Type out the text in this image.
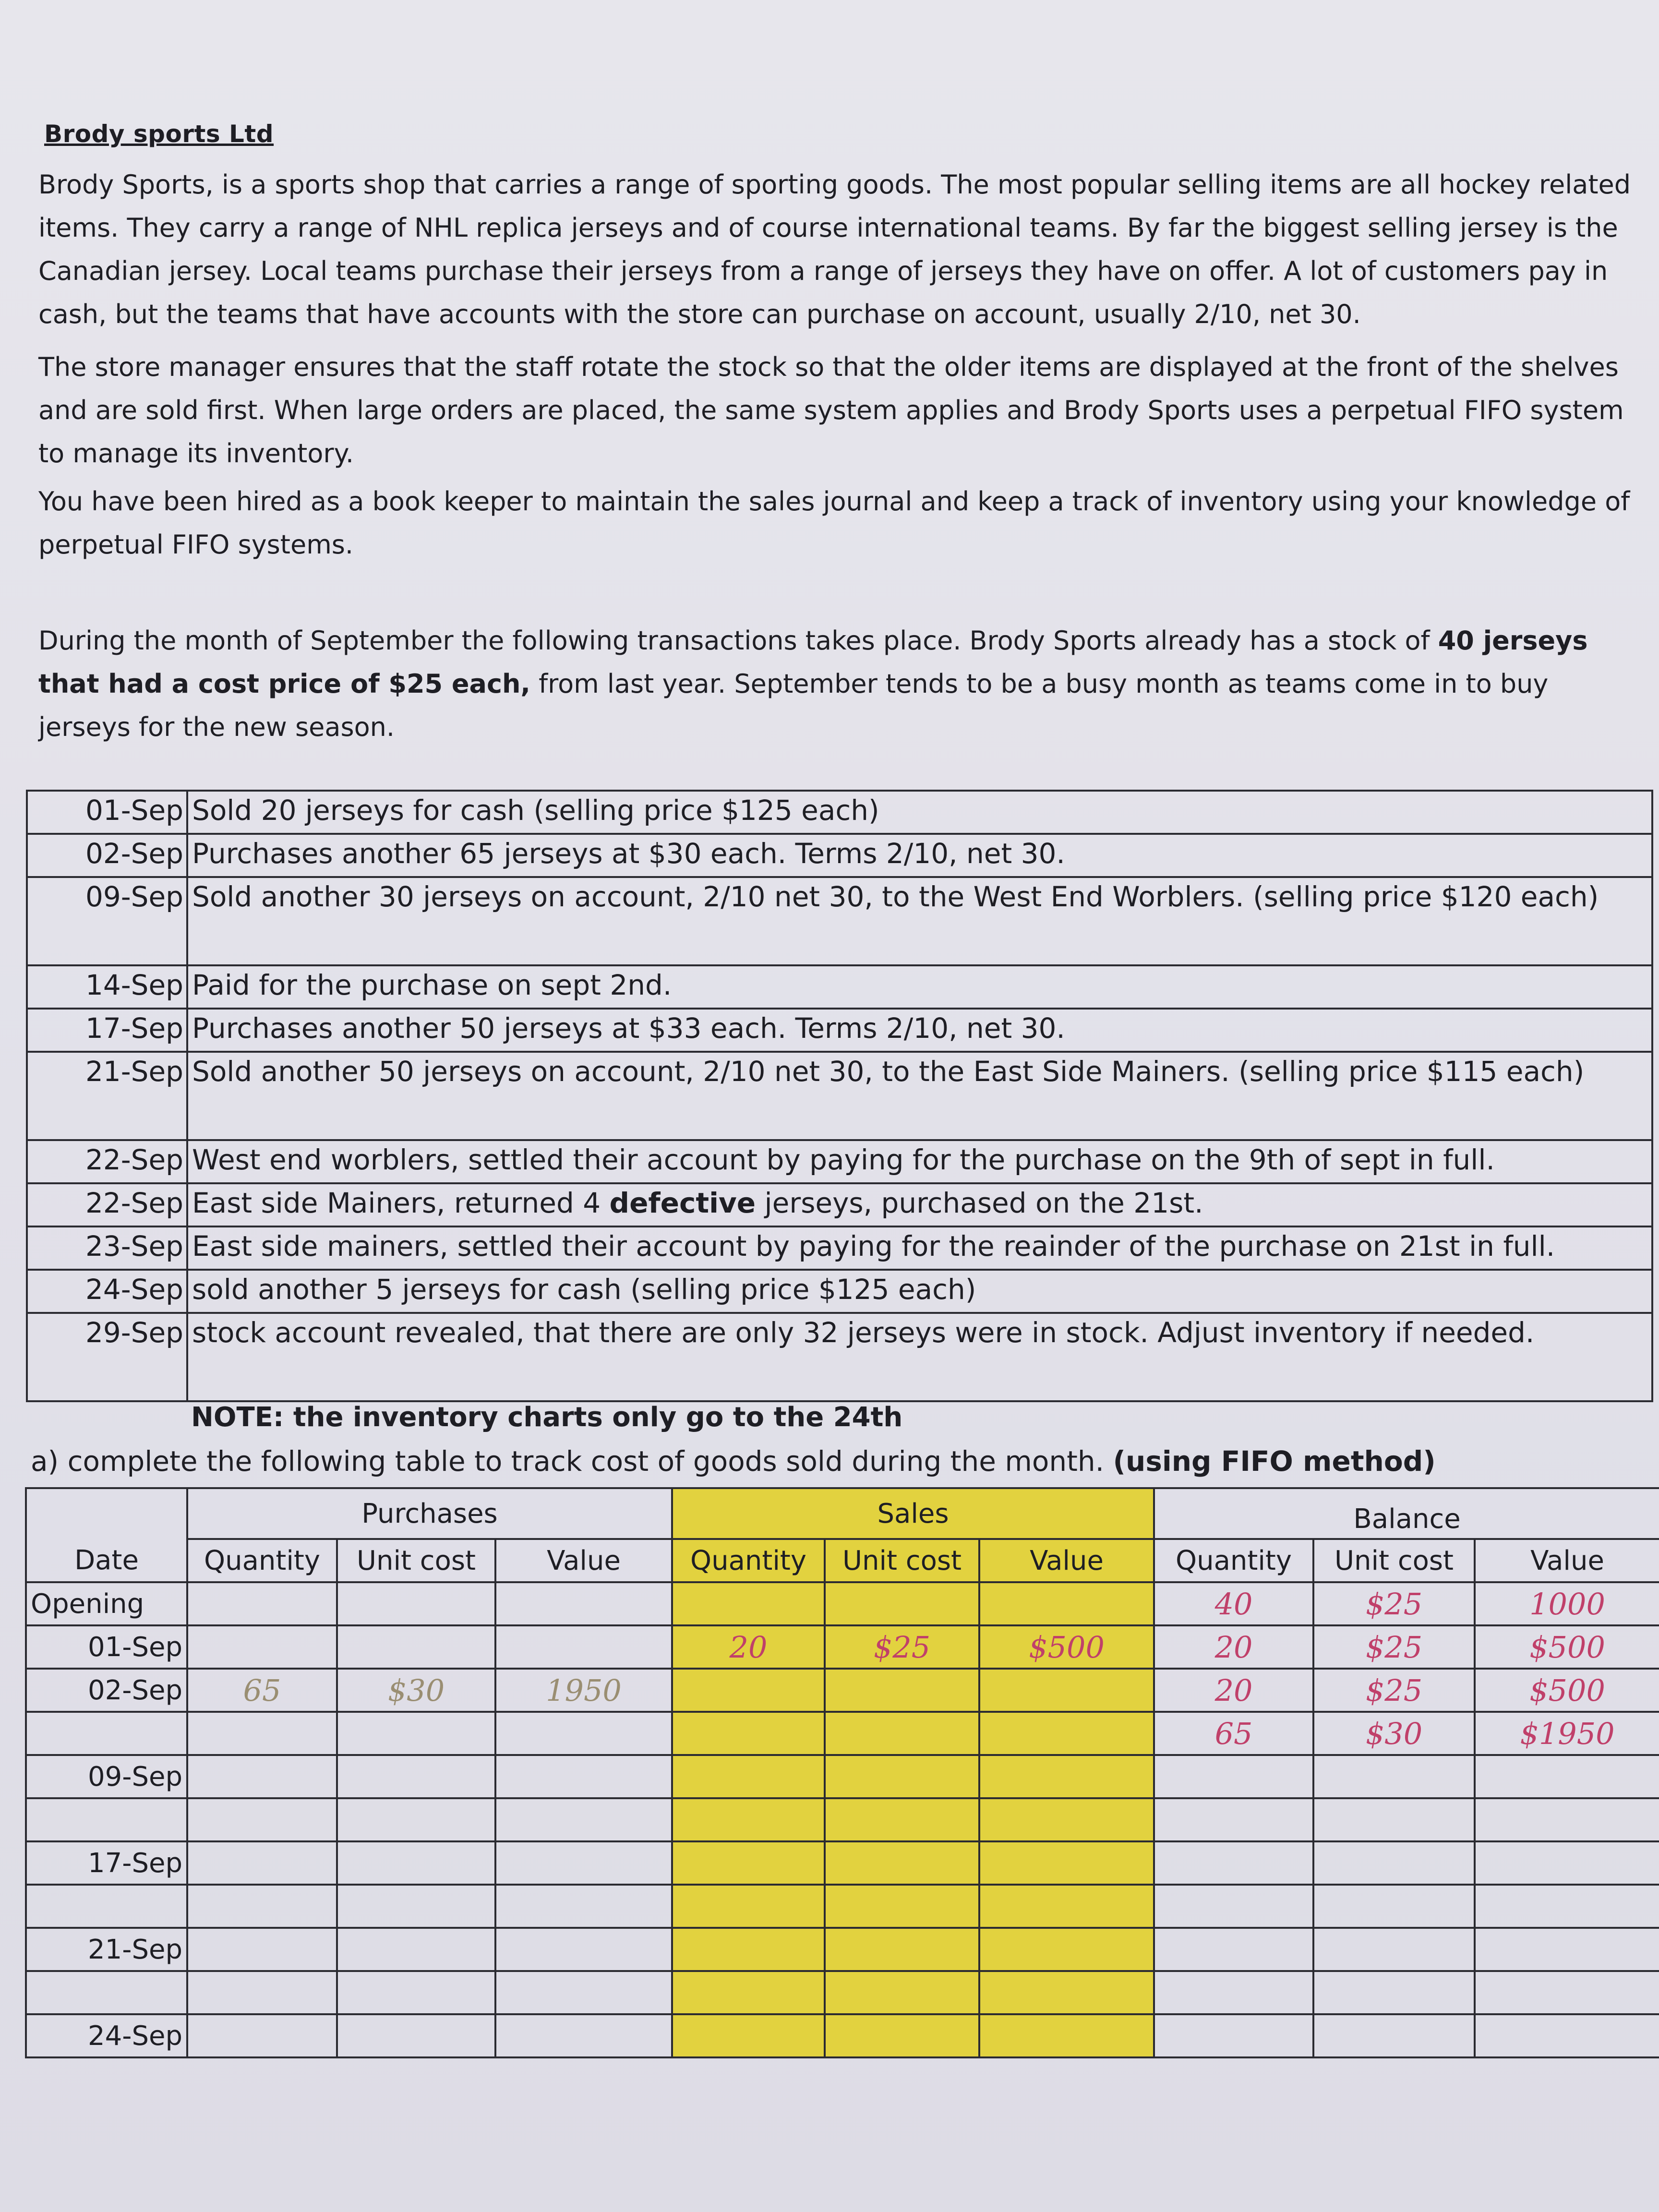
Brody sports Ltd

Brody Sports, is a sports shop that carries a range of sporting goods. The most popular selling items are all hockey related items. They carry a range of NHL replica jerseys and of course international teams. By far the biggest selling jersey is the Canadian jersey. Local teams purchase their jerseys from a range of jerseys they have on offer. A lot of customers pay in cash, but the teams that have accounts with the store can purchase on account, usually 2/10, net 30.

The store manager ensures that the staff rotate the stock so that the older items are displayed at the front of the shelves and are sold first. When large orders are placed, the same system applies and Brody Sports uses a perpetual FIFO system to manage its inventory.

You have been hired as a book keeper to maintain the sales journal and keep a track of inventory using your knowledge of perpetual FIFO systems.

During the month of September the following transactions takes place. Brody Sports already has a stock of 40 jerseys that had a cost price of $25 each, from last year. September tends to be a busy month as teams come in to buy jerseys for the new season.

01-Sep	Sold 20 jerseys for cash (selling price $125 each)
02-Sep	Purchases another 65 jerseys at $30 each. Terms 2/10, net 30.
09-Sep	Sold another 30 jerseys on account, 2/10 net 30, to the West End Worblers. (selling price $120 each)
14-Sep	Paid for the purchase on sept 2nd.
17-Sep	Purchases another 50 jerseys at $33 each. Terms 2/10, net 30.
21-Sep	Sold another 50 jerseys on account, 2/10 net 30, to the East Side Mainers. (selling price $115 each)
22-Sep	West end worblers, settled their account by paying for the purchase on the 9th of sept in full.
22-Sep	East side Mainers, returned 4 defective jerseys, purchased on the 21st.
23-Sep	East side mainers, settled their account by paying for the reainder of the purchase on 21st in full.
24-Sep	sold another 5 jerseys for cash (selling price $125 each)
29-Sep	stock account revealed, that there are only 32 jerseys were in stock. Adjust inventory if needed.
NOTE: the inventory charts only go to the 24th
a) complete the following table to track cost of goods sold during the month. (using FIFO method)
	Purchases			Sales			Balance		
Date	Quantity	Unit cost	Value	Quantity	Unit cost	Value	Quantity	Unit cost	Value
Opening							40	$25	1000
01-Sep				20	$25	$500	20	$25	$500
02-Sep	65	$30	1950				20	$25	$500
							65	$30	$1950
09-Sep									

17-Sep									

21-Sep									

24-Sep									
